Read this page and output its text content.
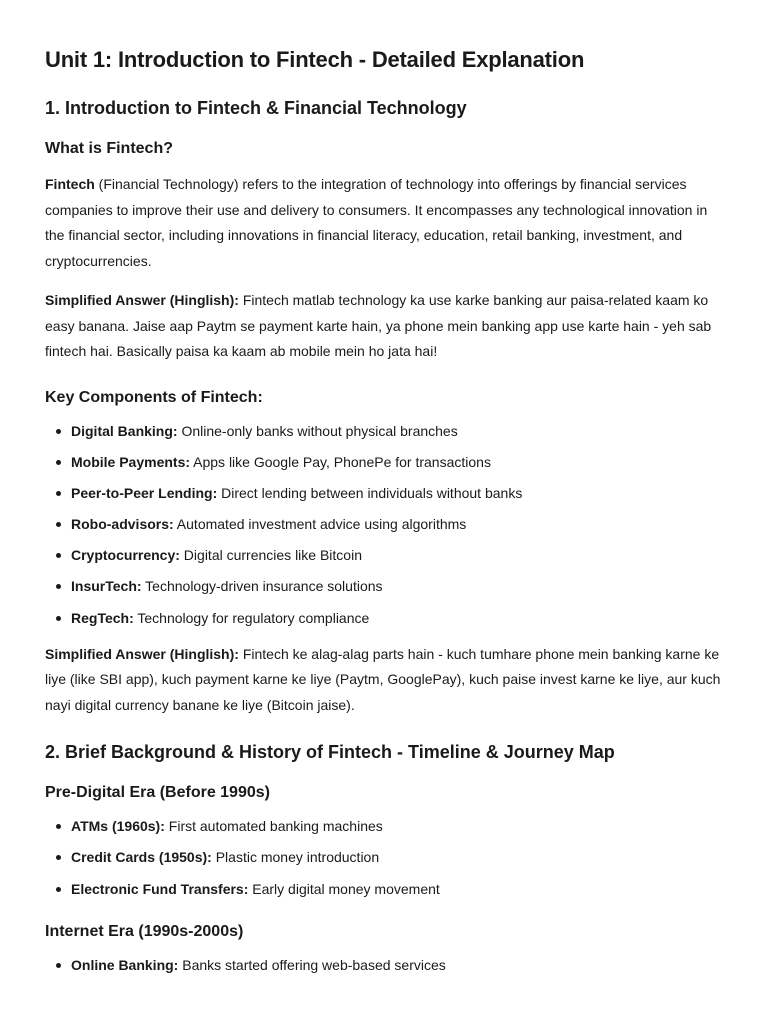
Unit 1: Introduction to Fintech - Detailed Explanation
1. Introduction to Fintech & Financial Technology
What is Fintech?

Fintech (Financial Technology) refers to the integration of technology into offerings by financial services companies to improve their use and delivery to consumers. It encompasses any technological innovation in the financial sector, including innovations in financial literacy, education, retail banking, investment, and cryptocurrencies.

Simplified Answer (Hinglish): Fintech matlab technology ka use karke banking aur paisa-related kaam ko easy banana. Jaise aap Paytm se payment karte hain, ya phone mein banking app use karte hain - yeh sab fintech hai. Basically paisa ka kaam ab mobile mein ho jata hai!

Key Components of Fintech:
Digital Banking: Online-only banks without physical branches
Mobile Payments: Apps like Google Pay, PhonePe for transactions
Peer-to-Peer Lending: Direct lending between individuals without banks
Robo-advisors: Automated investment advice using algorithms
Cryptocurrency: Digital currencies like Bitcoin
InsurTech: Technology-driven insurance solutions
RegTech: Technology for regulatory compliance

Simplified Answer (Hinglish): Fintech ke alag-alag parts hain - kuch tumhare phone mein banking karne ke liye (like SBI app), kuch payment karne ke liye (Paytm, GooglePay), kuch paise invest karne ke liye, aur kuch nayi digital currency banane ke liye (Bitcoin jaise).

2. Brief Background & History of Fintech - Timeline & Journey Map
Pre-Digital Era (Before 1990s)
ATMs (1960s): First automated banking machines
Credit Cards (1950s): Plastic money introduction
Electronic Fund Transfers: Early digital money movement
Internet Era (1990s-2000s)
Online Banking: Banks started offering web-based services
